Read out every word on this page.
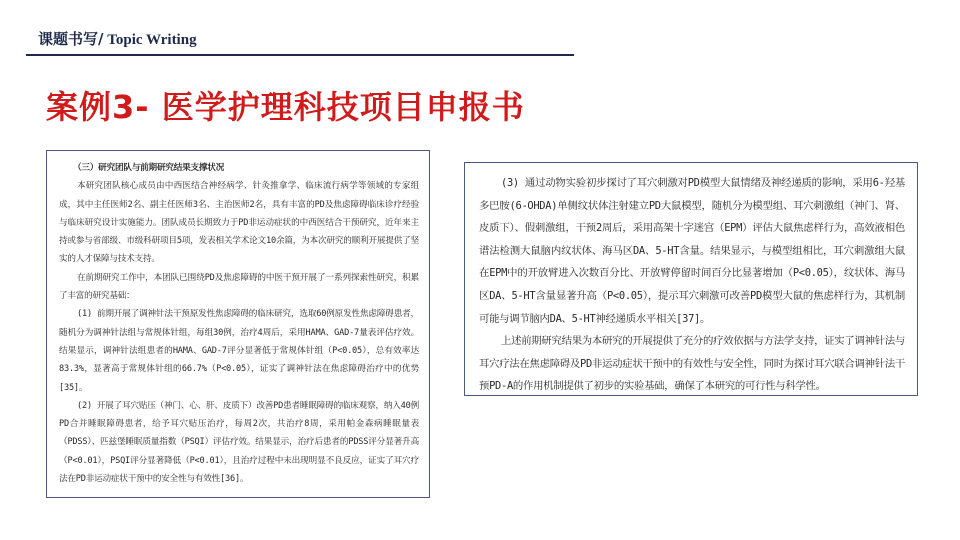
课题书写/ Topic Writing
案例3- 医学护理科技项目申报书

（三）研究团队与前期研究结果支撑状况

本研究团队核心成员由中西医结合神经病学、针灸推拿学、临床流行病学等领域的专家组成，其中主任医师2名、副主任医师3名、主治医师2名，具有丰富的PD及焦虑障碍临床诊疗经验与临床研究设计实施能力。团队成员长期致力于PD非运动症状的中西医结合干预研究，近年来主持或参与省部级、市级科研项目5项，发表相关学术论文10余篇，为本次研究的顺利开展提供了坚实的人才保障与技术支持。

在前期研究工作中，本团队已围绕PD及焦虑障碍的中医干预开展了一系列探索性研究，积累了丰富的研究基础：

(1) 前期开展了调神针法干预原发性焦虑障碍的临床研究，选取60例原发性焦虑障碍患者，随机分为调神针法组与常规体针组，每组30例，治疗4周后，采用HAMA、GAD-7量表评估疗效。结果显示，调神针法组患者的HAMA、GAD-7评分显著低于常规体针组（P<0.05），总有效率达83.3%，显著高于常规体针组的66.7%（P<0.05），证实了调神针法在焦虑障碍治疗中的优势[35]。

(2) 开展了耳穴贴压（神门、心、肝、皮质下）改善PD患者睡眠障碍的临床观察，纳入40例PD合并睡眠障碍患者，给予耳穴贴压治疗，每周2次，共治疗8周，采用帕金森病睡眠量表（PDSS）、匹兹堡睡眠质量指数（PSQI）评估疗效。结果显示，治疗后患者的PDSS评分显著升高（P<0.01），PSQI评分显著降低（P<0.01），且治疗过程中未出现明显不良反应，证实了耳穴疗法在PD非运动症状干预中的安全性与有效性[36]。

(3) 通过动物实验初步探讨了耳穴刺激对PD模型大鼠情绪及神经递质的影响，采用6-羟基多巴胺(6-OHDA)单侧纹状体注射建立PD大鼠模型，随机分为模型组、耳穴刺激组（神门、肾、皮质下）、假刺激组，干预2周后，采用高架十字迷宫（EPM）评估大鼠焦虑样行为，高效液相色谱法检测大鼠脑内纹状体、海马区DA、5-HT含量。结果显示，与模型组相比，耳穴刺激组大鼠在EPM中的开放臂进入次数百分比、开放臂停留时间百分比显著增加（P<0.05），纹状体、海马区DA、5-HT含量显著升高（P<0.05），提示耳穴刺激可改善PD模型大鼠的焦虑样行为，其机制可能与调节脑内DA、5-HT神经递质水平相关[37]。

上述前期研究结果为本研究的开展提供了充分的疗效依据与方法学支持，证实了调神针法与耳穴疗法在焦虑障碍及PD非运动症状干预中的有效性与安全性，同时为探讨耳穴联合调神针法干预PD-A的作用机制提供了初步的实验基础，确保了本研究的可行性与科学性。
